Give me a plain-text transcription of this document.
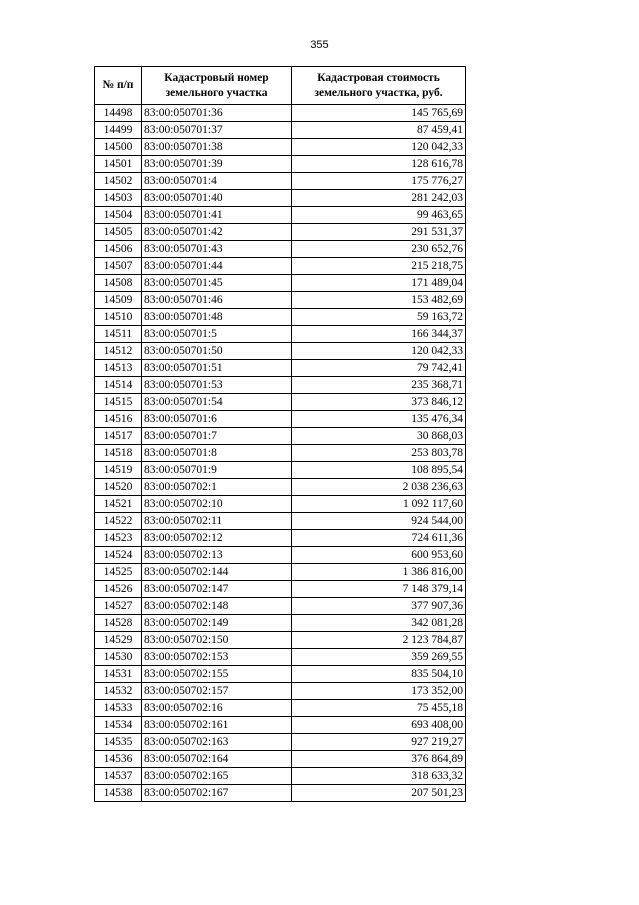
355
№ п/п	Кадастровый номер земельного участка	Кадастровая стоимость земельного участка, руб.
14498	83:00:050701:36	145 765,69
14499	83:00:050701:37	87 459,41
14500	83:00:050701:38	120 042,33
14501	83:00:050701:39	128 616,78
14502	83:00:050701:4	175 776,27
14503	83:00:050701:40	281 242,03
14504	83:00:050701:41	99 463,65
14505	83:00:050701:42	291 531,37
14506	83:00:050701:43	230 652,76
14507	83:00:050701:44	215 218,75
14508	83:00:050701:45	171 489,04
14509	83:00:050701:46	153 482,69
14510	83:00:050701:48	59 163,72
14511	83:00:050701:5	166 344,37
14512	83:00:050701:50	120 042,33
14513	83:00:050701:51	79 742,41
14514	83:00:050701:53	235 368,71
14515	83:00:050701:54	373 846,12
14516	83:00:050701:6	135 476,34
14517	83:00:050701:7	30 868,03
14518	83:00:050701:8	253 803,78
14519	83:00:050701:9	108 895,54
14520	83:00:050702:1	2 038 236,63
14521	83:00:050702:10	1 092 117,60
14522	83:00:050702:11	924 544,00
14523	83:00:050702:12	724 611,36
14524	83:00:050702:13	600 953,60
14525	83:00:050702:144	1 386 816,00
14526	83:00:050702:147	7 148 379,14
14527	83:00:050702:148	377 907,36
14528	83:00:050702:149	342 081,28
14529	83:00:050702:150	2 123 784,87
14530	83:00:050702:153	359 269,55
14531	83:00:050702:155	835 504,10
14532	83:00:050702:157	173 352,00
14533	83:00:050702:16	75 455,18
14534	83:00:050702:161	693 408,00
14535	83:00:050702:163	927 219,27
14536	83:00:050702:164	376 864,89
14537	83:00:050702:165	318 633,32
14538	83:00:050702:167	207 501,23
